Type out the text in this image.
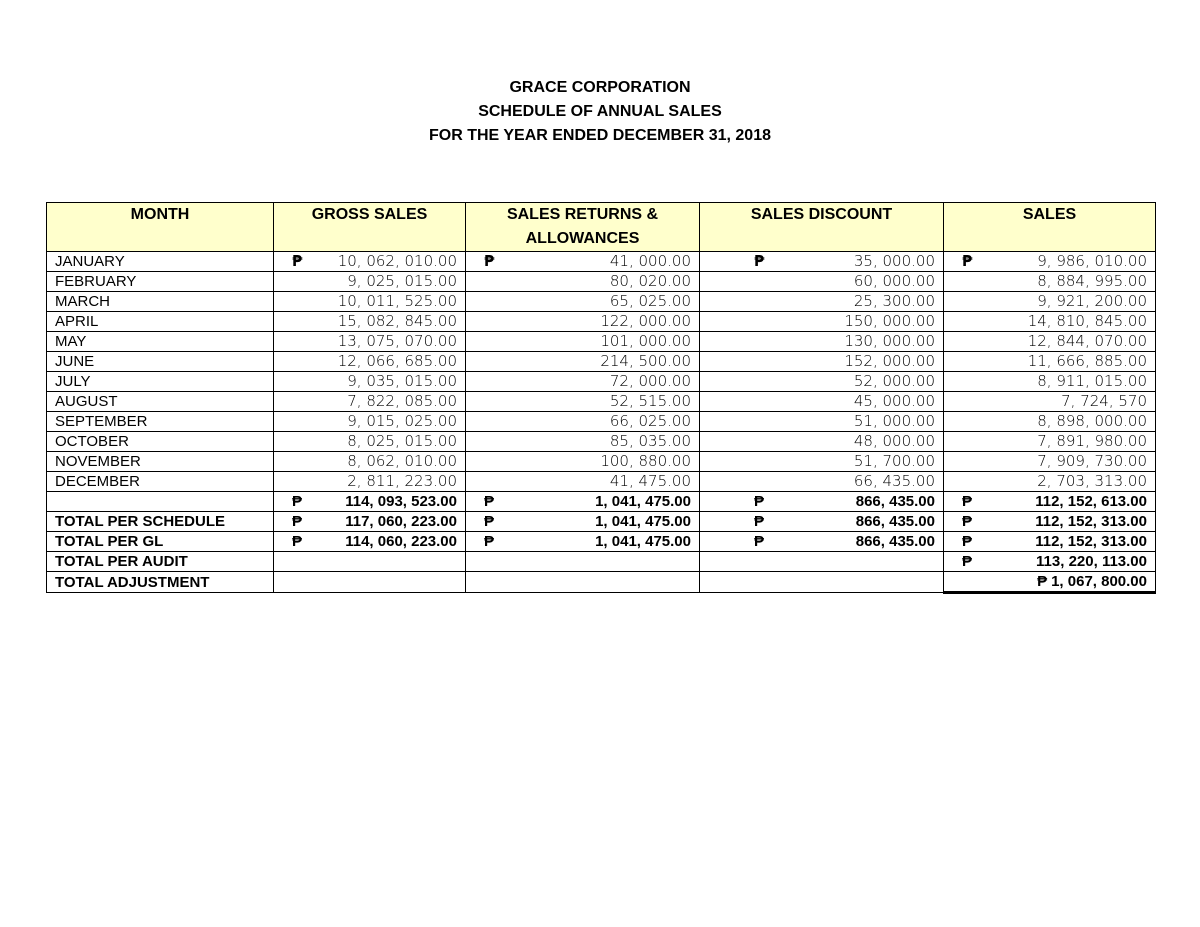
GRACE CORPORATION
SCHEDULE OF ANNUAL SALES
FOR THE YEAR ENDED DECEMBER 31, 2018
MONTH	GROSS SALES	SALES RETURNS & ALLOWANCES	SALES DISCOUNT	SALES
JANUARY	₱ 10, 062, 010.00	₱ 41, 000.00	₱ 35, 000.00	₱ 9, 986, 010.00
FEBRUARY	9, 025, 015.00	80, 020.00	60, 000.00	8, 884, 995.00
MARCH	10, 011, 525.00	65, 025.00	25, 300.00	9, 921, 200.00
APRIL	15, 082, 845.00	122, 000.00	150, 000.00	14, 810, 845.00
MAY	13, 075, 070.00	101, 000.00	130, 000.00	12, 844, 070.00
JUNE	12, 066, 685.00	214, 500.00	152, 000.00	11, 666, 885.00
JULY	9, 035, 015.00	72, 000.00	52, 000.00	8, 911, 015.00
AUGUST	7, 822, 085.00	52, 515.00	45, 000.00	7, 724, 570
SEPTEMBER	9, 015, 025.00	66, 025.00	51, 000.00	8, 898, 000.00
OCTOBER	8, 025, 015.00	85, 035.00	48, 000.00	7, 891, 980.00
NOVEMBER	8, 062, 010.00	100, 880.00	51, 700.00	7, 909, 730.00
DECEMBER	2, 811, 223.00	41, 475.00	66, 435.00	2, 703, 313.00

	₱ 114, 093, 523.00	₱ 1, 041, 475.00	₱ 866, 435.00	₱ 112, 152, 613.00
TOTAL PER SCHEDULE	₱ 117, 060, 223.00	₱ 1, 041, 475.00	₱ 866, 435.00	₱ 112, 152, 313.00
TOTAL PER GL	₱ 114, 060, 223.00	₱ 1, 041, 475.00	₱ 866, 435.00	₱ 112, 152, 313.00
TOTAL PER AUDIT				₱ 113, 220, 113.00
TOTAL ADJUSTMENT				₱ 1, 067, 800.00
